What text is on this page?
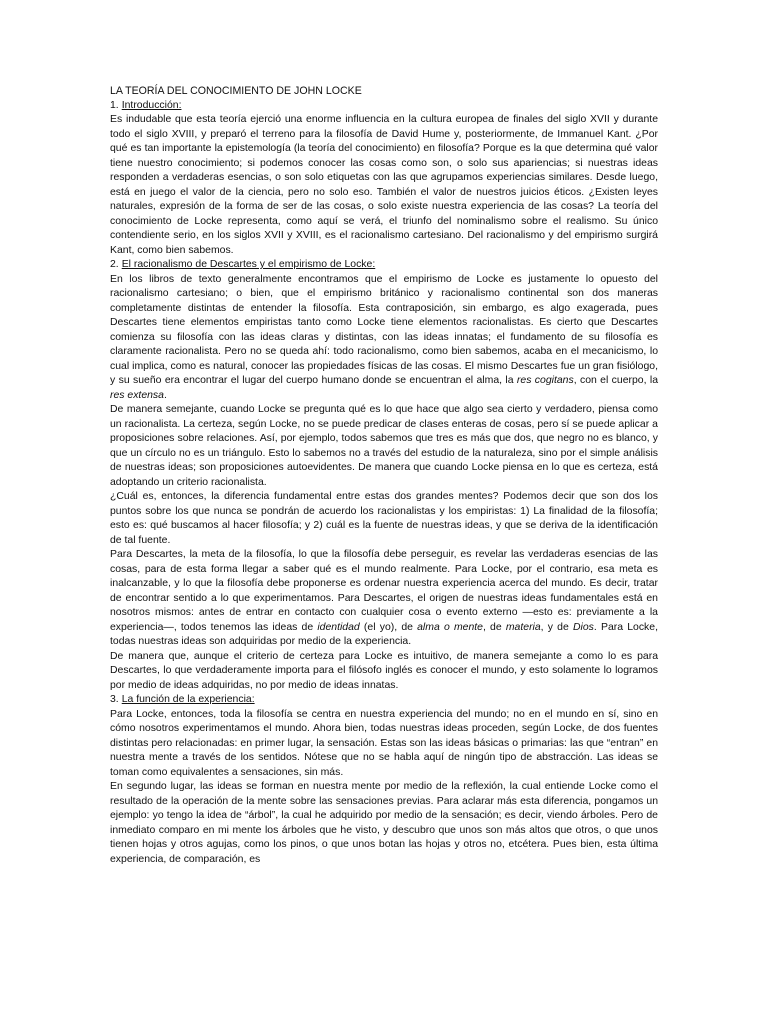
LA TEORÍA DEL CONOCIMIENTO DE JOHN LOCKE

1. Introducción:

Es indudable que esta teoría ejerció una enorme influencia en la cultura europea de finales del siglo XVII y durante todo el siglo XVIII, y preparó el terreno para la filosofía de David Hume y, posteriormente, de Immanuel Kant. ¿Por qué es tan importante la epistemología (la teoría del conocimiento) en filosofía? Porque es la que determina qué valor tiene nuestro conocimiento; si podemos conocer las cosas como son, o solo sus apariencias; si nuestras ideas responden a verdaderas esencias, o son solo etiquetas con las que agrupamos experiencias similares. Desde luego, está en juego el valor de la ciencia, pero no solo eso. También el valor de nuestros juicios éticos. ¿Existen leyes naturales, expresión de la forma de ser de las cosas, o solo existe nuestra experiencia de las cosas? La teoría del conocimiento de Locke representa, como aquí se verá, el triunfo del nominalismo sobre el realismo. Su único contendiente serio, en los siglos XVII y XVIII, es el racionalismo cartesiano. Del racionalismo y del empirismo surgirá Kant, como bien sabemos.

2. El racionalismo de Descartes y el empirismo de Locke:

En los libros de texto generalmente encontramos que el empirismo de Locke es justamente lo opuesto del racionalismo cartesiano; o bien, que el empirismo británico y racionalismo continental son dos maneras completamente distintas de entender la filosofía. Esta contraposición, sin embargo, es algo exagerada, pues Descartes tiene elementos empiristas tanto como Locke tiene elementos racionalistas. Es cierto que Descartes comienza su filosofía con las ideas claras y distintas, con las ideas innatas; el fundamento de su filosofía es claramente racionalista. Pero no se queda ahí: todo racionalismo, como bien sabemos, acaba en el mecanicismo, lo cual implica, como es natural, conocer las propiedades físicas de las cosas. El mismo Descartes fue un gran fisiólogo, y su sueño era encontrar el lugar del cuerpo humano donde se encuentran el alma, la res cogitans, con el cuerpo, la res extensa.

De manera semejante, cuando Locke se pregunta qué es lo que hace que algo sea cierto y verdadero, piensa como un racionalista. La certeza, según Locke, no se puede predicar de clases enteras de cosas, pero sí se puede aplicar a proposiciones sobre relaciones. Así, por ejemplo, todos sabemos que tres es más que dos, que negro no es blanco, y que un círculo no es un triángulo. Esto lo sabemos no a través del estudio de la naturaleza, sino por el simple análisis de nuestras ideas; son proposiciones autoevidentes. De manera que cuando Locke piensa en lo que es certeza, está adoptando un criterio racionalista.

¿Cuál es, entonces, la diferencia fundamental entre estas dos grandes mentes? Podemos decir que son dos los puntos sobre los que nunca se pondrán de acuerdo los racionalistas y los empiristas: 1) La finalidad de la filosofía; esto es: qué buscamos al hacer filosofía; y 2) cuál es la fuente de nuestras ideas, y que se deriva de la identificación de tal fuente.

Para Descartes, la meta de la filosofía, lo que la filosofía debe perseguir, es revelar las verdaderas esencias de las cosas, para de esta forma llegar a saber qué es el mundo realmente. Para Locke, por el contrario, esa meta es inalcanzable, y lo que la filosofía debe proponerse es ordenar nuestra experiencia acerca del mundo. Es decir, tratar de encontrar sentido a lo que experimentamos. Para Descartes, el origen de nuestras ideas fundamentales está en nosotros mismos: antes de entrar en contacto con cualquier cosa o evento externo —esto es: previamente a la experiencia—, todos tenemos las ideas de identidad (el yo), de alma o mente, de materia, y de Dios. Para Locke, todas nuestras ideas son adquiridas por medio de la experiencia.

De manera que, aunque el criterio de certeza para Locke es intuitivo, de manera semejante a como lo es para Descartes, lo que verdaderamente importa para el filósofo inglés es conocer el mundo, y esto solamente lo logramos por medio de ideas adquiridas, no por medio de ideas innatas.

3. La función de la experiencia:

Para Locke, entonces, toda la filosofía se centra en nuestra experiencia del mundo; no en el mundo en sí, sino en cómo nosotros experimentamos el mundo. Ahora bien, todas nuestras ideas proceden, según Locke, de dos fuentes distintas pero relacionadas: en primer lugar, la sensación. Estas son las ideas básicas o primarias: las que “entran” en nuestra mente a través de los sentidos. Nótese que no se habla aquí de ningún tipo de abstracción. Las ideas se toman como equivalentes a sensaciones, sin más.

En segundo lugar, las ideas se forman en nuestra mente por medio de la reflexión, la cual entiende Locke como el resultado de la operación de la mente sobre las sensaciones previas. Para aclarar más esta diferencia, pongamos un ejemplo: yo tengo la idea de “árbol”, la cual he adquirido por medio de la sensación; es decir, viendo árboles. Pero de inmediato comparo en mi mente los árboles que he visto, y descubro que unos son más altos que otros, o que unos tienen hojas y otros agujas, como los pinos, o que unos botan las hojas y otros no, etcétera. Pues bien, esta última experiencia, de comparación, es
